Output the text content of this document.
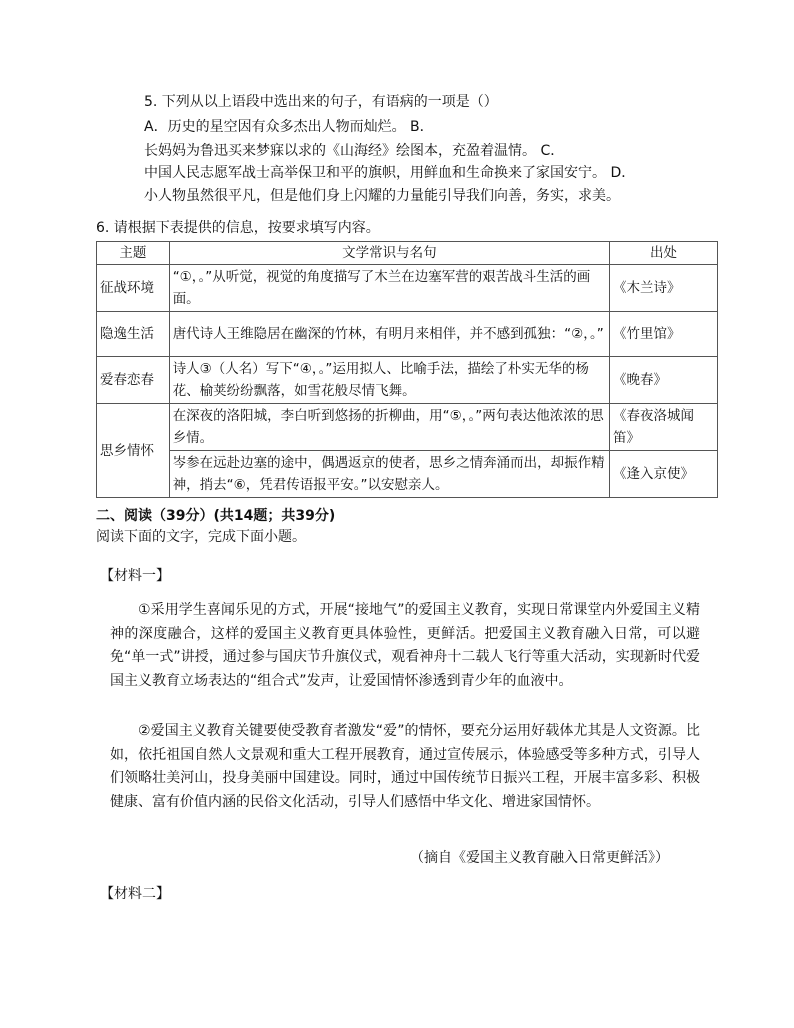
5. 下列从以上语段中选出来的句子，有语病的一项是（）
A．历史的星空因有众多杰出人物而灿烂。 B．
长妈妈为鲁迅买来梦寐以求的《山海经》绘图本，充盈着温情。 C．
中国人民志愿军战士高举保卫和平的旗帜，用鲜血和生命换来了家国安宁。 D．
小人物虽然很平凡，但是他们身上闪耀的力量能引导我们向善，务实，求美。
6. 请根据下表提供的信息，按要求填写内容。
主题	文学常识与名句	出处
征战环境	“①，。”从听觉，视觉的角度描写了木兰在边塞军营的艰苦战斗生活的画面。	《木兰诗》
隐逸生活	唐代诗人王维隐居在幽深的竹林，有明月来相伴，并不感到孤独：“②，。”	《竹里馆》
爱春恋春	诗人③（人名）写下“④，。”运用拟人、比喻手法，描绘了朴实无华的杨花、榆荚纷纷飘落，如雪花般尽情飞舞。	《晚春》
思乡情怀	在深夜的洛阳城，李白听到悠扬的折柳曲，用“⑤，。”两句表达他浓浓的思乡情。	《春夜洛城闻笛》
	岑参在远赴边塞的途中，偶遇返京的使者，思乡之情奔涌而出，却振作精神，捎去“⑥，凭君传语报平安。”以安慰亲人。	《逢入京使》
二、阅读（39分）(共14题；共39分)
阅读下面的文字，完成下面小题。
【材料一】
①采用学生喜闻乐见的方式，开展“接地气”的爱国主义教育，实现日常课堂内外爱国主义精神的深度融合，这样的爱国主义教育更具体验性，更鲜活。把爱国主义教育融入日常，可以避免“单一式”讲授，通过参与国庆节升旗仪式，观看神舟十二载人飞行等重大活动，实现新时代爱国主义教育立场表达的“组合式”发声，让爱国情怀渗透到青少年的血液中。
②爱国主义教育关键要使受教育者激发“爱”的情怀，要充分运用好载体尤其是人文资源。比如，依托祖国自然人文景观和重大工程开展教育，通过宣传展示，体验感受等多种方式，引导人们领略壮美河山，投身美丽中国建设。同时，通过中国传统节日振兴工程，开展丰富多彩、积极健康、富有价值内涵的民俗文化活动，引导人们感悟中华文化、增进家国情怀。
（摘自《爱国主义教育融入日常更鲜活》）
【材料二】
